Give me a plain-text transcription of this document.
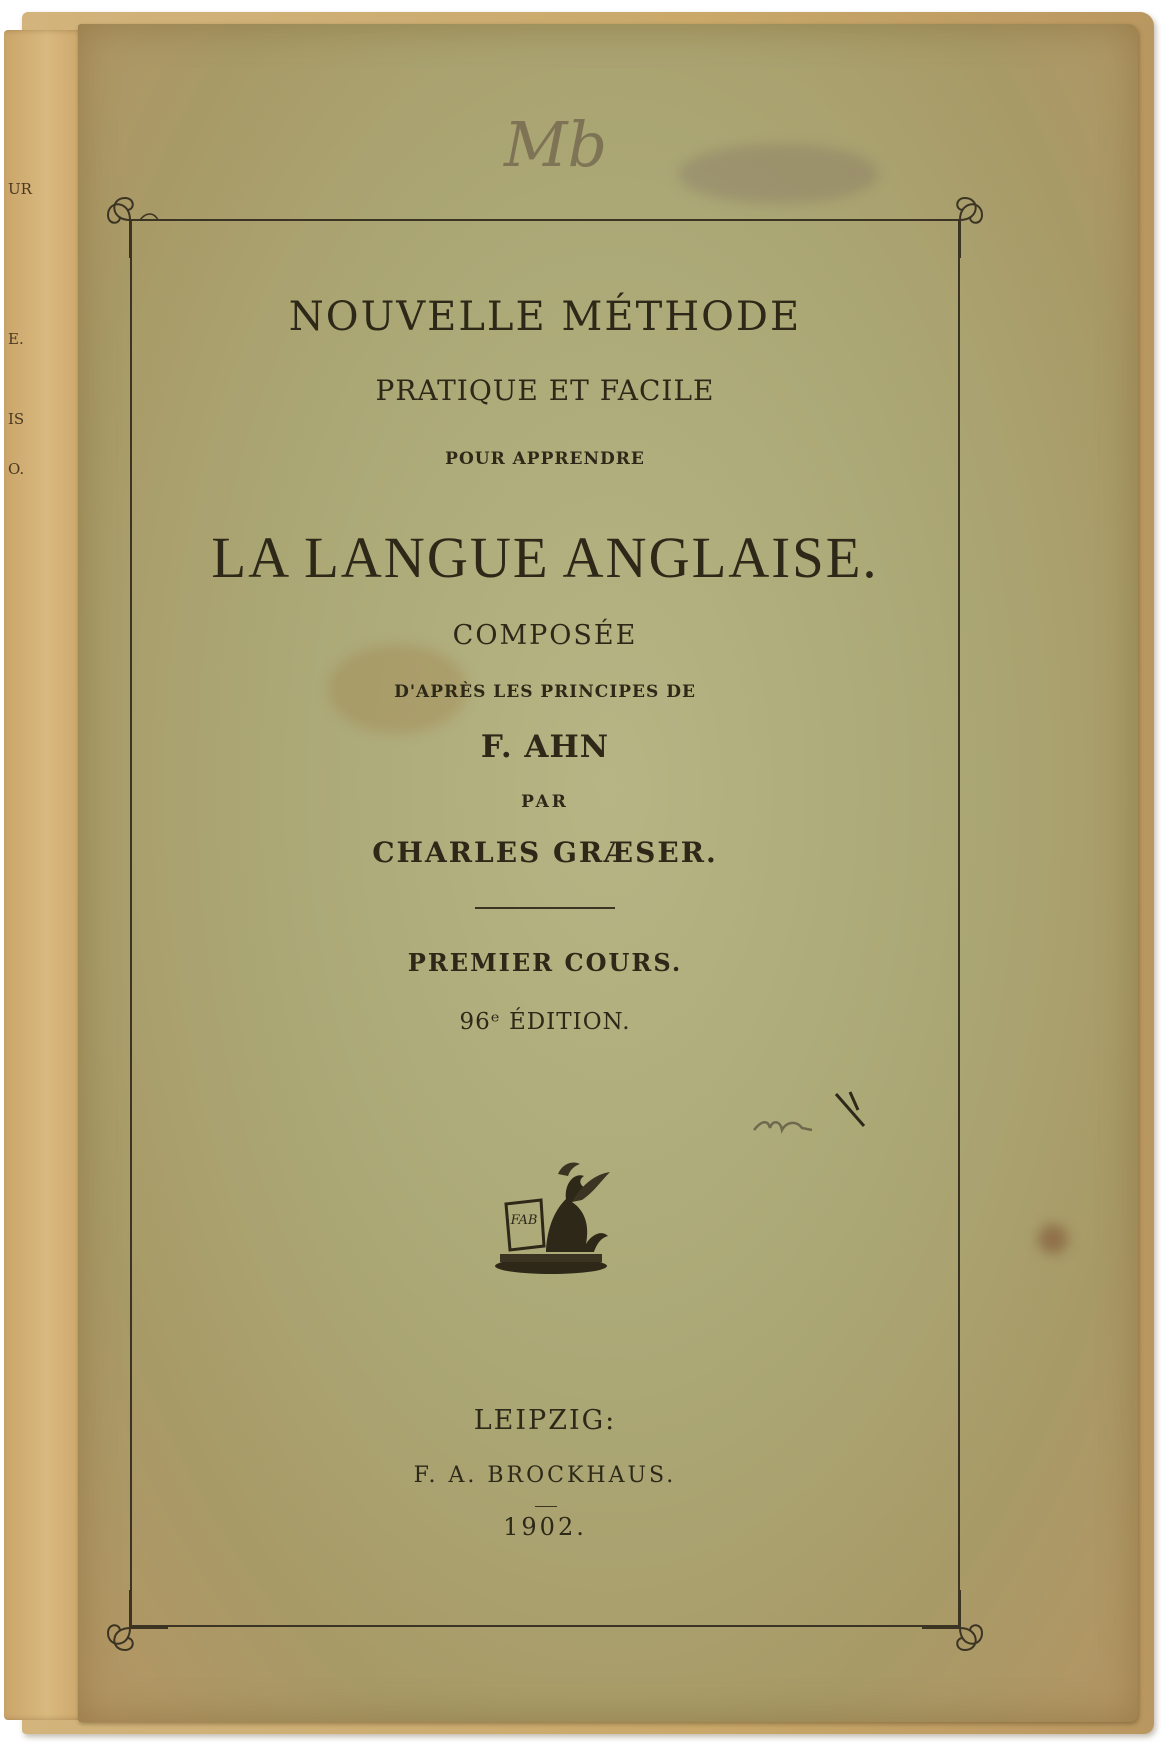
UR
E.
IS
O.
Mb
NOUVELLE MÉTHODE
PRATIQUE ET FACILE
POUR APPRENDRE
LA LANGUE ANGLAISE.
COMPOSÉE
D'APRÈS LES PRINCIPES DE
F. AHN
PAR
CHARLES GRÆSER.
PREMIER COURS.
96ᵉ ÉDITION.
LEIPZIG:
F. A. BROCKHAUS.
1902.
FAB
